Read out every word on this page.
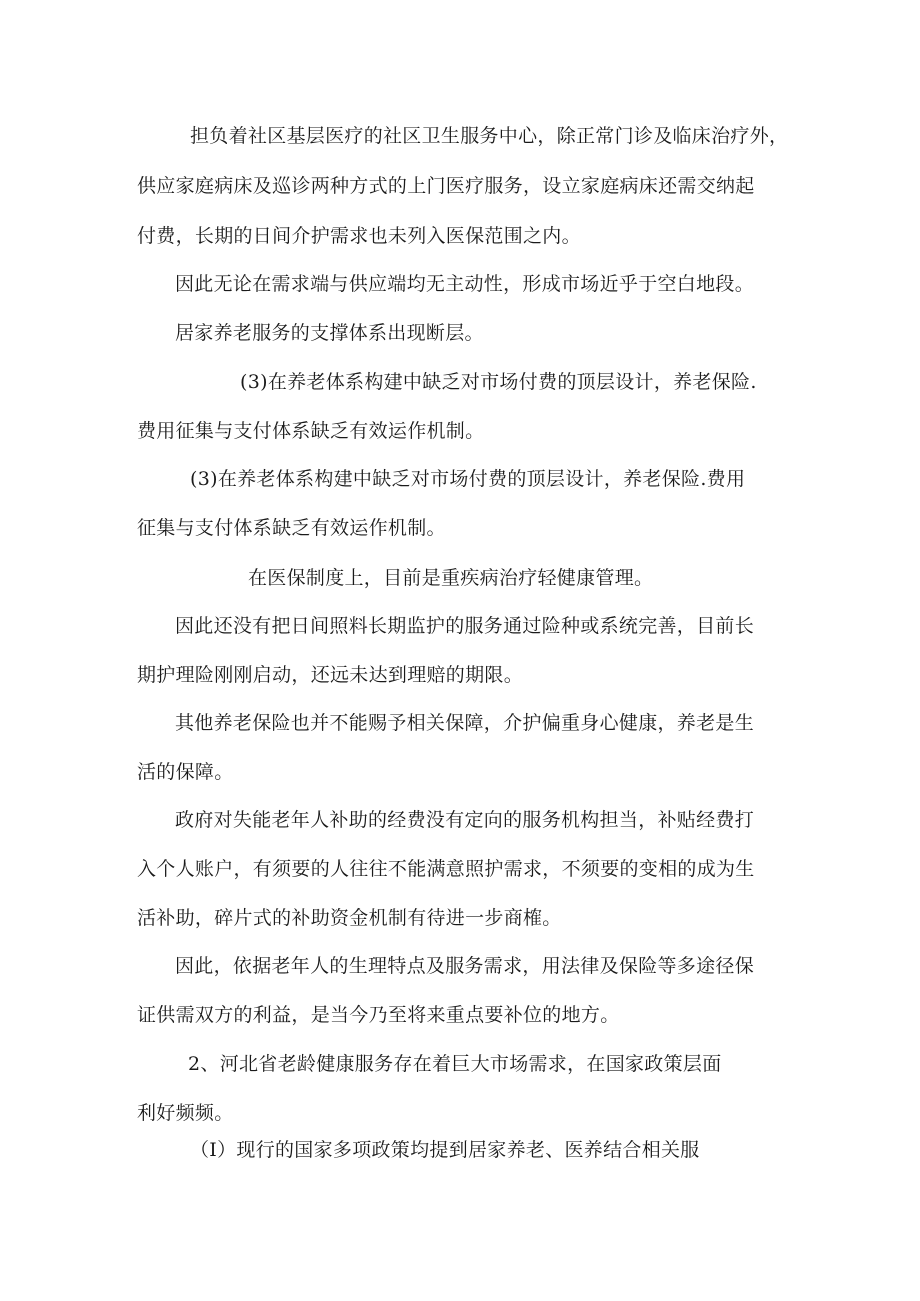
担负着社区基层医疗的社区卫生服务中心，除正常门诊及临床治疗外，
供应家庭病床及巡诊两种方式的上门医疗服务，设立家庭病床还需交纳起
付费，长期的日间介护需求也未列入医保范围之内。
因此无论在需求端与供应端均无主动性，形成市场近乎于空白地段。
居家养老服务的支撑体系出现断层。
(3)在养老体系构建中缺乏对市场付费的顶层设计，养老保险.
费用征集与支付体系缺乏有效运作机制。
(3)在养老体系构建中缺乏对市场付费的顶层设计，养老保险.费用
征集与支付体系缺乏有效运作机制。
在医保制度上，目前是重疾病治疗轻健康管理。
因此还没有把日间照料长期监护的服务通过险种或系统完善，目前长
期护理险刚刚启动，还远未达到理赔的期限。
其他养老保险也并不能赐予相关保障，介护偏重身心健康，养老是生
活的保障。
政府对失能老年人补助的经费没有定向的服务机构担当，补贴经费打
入个人账户，有须要的人往往不能满意照护需求，不须要的变相的成为生
活补助，碎片式的补助资金机制有待进一步商榷。
因此，依据老年人的生理特点及服务需求，用法律及保险等多途径保
证供需双方的利益，是当今乃至将来重点要补位的地方。
2、河北省老龄健康服务存在着巨大市场需求，在国家政策层面
利好频频。
（I）现行的国家多项政策均提到居家养老、医养结合相关服
